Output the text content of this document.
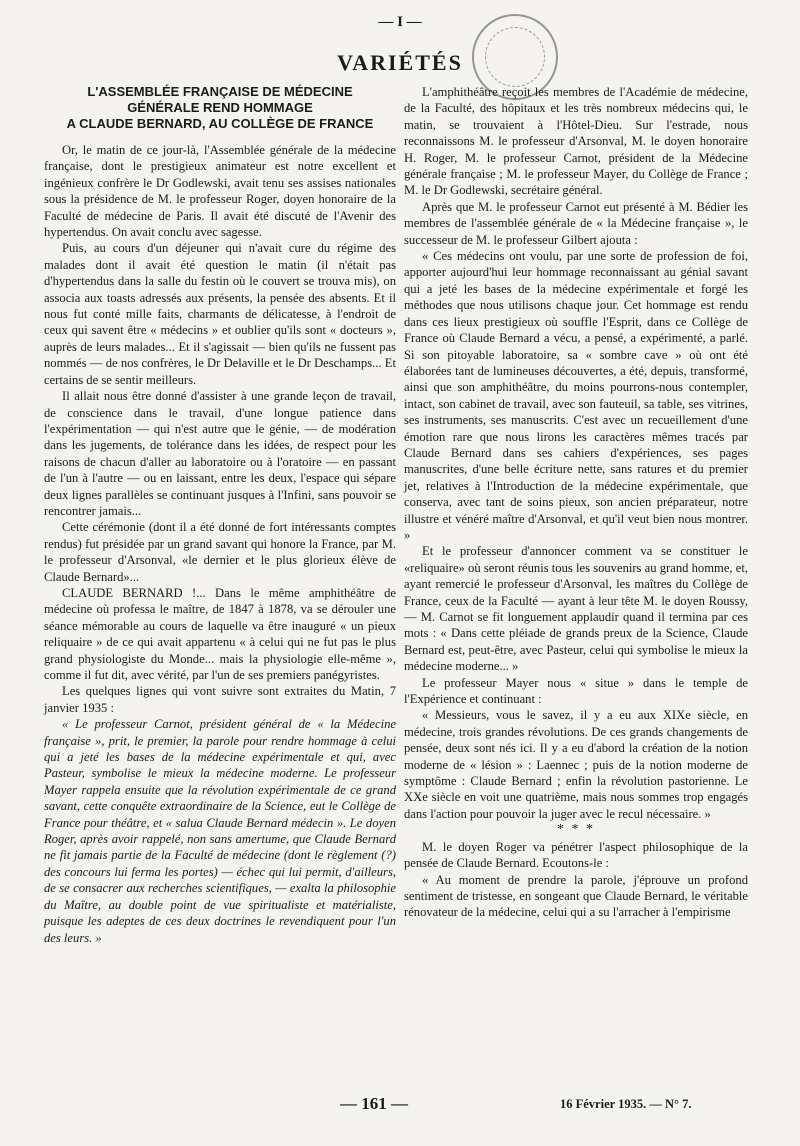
— I —
VARIÉTÉS
L'ASSEMBLÉE FRANÇAISE DE MÉDECINE
GÉNÉRALE REND HOMMAGE
A CLAUDE BERNARD, AU COLLÈGE DE FRANCE

Or, le matin de ce jour-là, l'Assemblée générale de la médecine française, dont le prestigieux animateur est notre excellent et ingénieux confrère le Dr Godlewski, avait tenu ses assises nationales sous la présidence de M. le professeur Roger, doyen honoraire de la Faculté de médecine de Paris. Il avait été discuté de l'Avenir des hypertendus. On avait conclu avec sagesse.

Puis, au cours d'un déjeuner qui n'avait cure du régime des malades dont il avait été question le matin (il n'était pas d'hypertendus dans la salle du festin où le couvert se trouva mis), on associa aux toasts adressés aux présents, la pensée des absents. Et il nous fut conté mille faits, charmants de délicatesse, à l'endroit de ceux qui savent être « médecins » et oublier qu'ils sont « docteurs », auprès de leurs malades... Et il s'agissait — bien qu'ils ne fussent pas nommés — de nos confrères, le Dr Delaville et le Dr Deschamps... Et certains de se sentir meilleurs.

Il allait nous être donné d'assister à une grande leçon de travail, de conscience dans le travail, d'une longue patience dans l'expérimentation — qui n'est autre que le génie, — de modération dans les jugements, de tolérance dans les idées, de respect pour les raisons de chacun d'aller au laboratoire ou à l'oratoire — en passant de l'un à l'autre — ou en laissant, entre les deux, l'espace qui sépare deux lignes parallèles se continuant jusques à l'Infini, sans pouvoir se rencontrer jamais...

Cette cérémonie (dont il a été donné de fort intéressants comptes rendus) fut présidée par un grand savant qui honore la France, par M. le professeur d'Arsonval, «le dernier et le plus glorieux élève de Claude Bernard»...

CLAUDE BERNARD !... Dans le même amphithéâtre de médecine où professa le maître, de 1847 à 1878, va se dérouler une séance mémorable au cours de laquelle va être inauguré « un pieux reliquaire » de ce qui avait appartenu « à celui qui ne fut pas le plus grand physiologiste du Monde... mais la physiologie elle-même », comme il fut dit, avec vérité, par l'un de ses premiers panégyristes.

Les quelques lignes qui vont suivre sont extraites du Matin, 7 janvier 1935 :

« Le professeur Carnot, président général de « la Médecine française », prit, le premier, la parole pour rendre hommage à celui qui a jeté les bases de la médecine expérimentale et qui, avec Pasteur, symbolise le mieux la médecine moderne. Le professeur Mayer rappela ensuite que la révolution expérimentale de ce grand savant, cette conquête extraordinaire de la Science, eut le Collège de France pour théâtre, et « salua Claude Bernard médecin ». Le doyen Roger, après avoir rappelé, non sans amertume, que Claude Bernard ne fit jamais partie de la Faculté de médecine (dont le règlement (?) des concours lui ferma les portes) — échec qui lui permit, d'ailleurs, de se consacrer aux recherches scientifiques, — exalta la philosophie du Maître, au double point de vue spiritualiste et matérialiste, puisque les adeptes de ces deux doctrines le revendiquent pour l'un des leurs. »

L'amphithéâtre reçoit les membres de l'Académie de médecine, de la Faculté, des hôpitaux et les très nombreux médecins qui, le matin, se trouvaient à l'Hôtel-Dieu. Sur l'estrade, nous reconnaissons M. le professeur d'Arsonval, M. le doyen honoraire H. Roger, M. le professeur Carnot, président de la Médecine générale française ; M. le professeur Mayer, du Collège de France ; M. le Dr Godlewski, secrétaire général.

Après que M. le professeur Carnot eut présenté à M. Bédier les membres de l'assemblée générale de « la Médecine française », le successeur de M. le professeur Gilbert ajouta :

« Ces médecins ont voulu, par une sorte de profession de foi, apporter aujourd'hui leur hommage reconnaissant au génial savant qui a jeté les bases de la médecine expérimentale et forgé les méthodes que nous utilisons chaque jour. Cet hommage est rendu dans ces lieux prestigieux où souffle l'Esprit, dans ce Collège de France où Claude Bernard a vécu, a pensé, a expérimenté, a parlé. Si son pitoyable laboratoire, sa « sombre cave » où ont été élaborées tant de lumineuses découvertes, a été, depuis, transformé, ainsi que son amphithéâtre, du moins pourrons-nous contempler, intact, son cabinet de travail, avec son fauteuil, sa table, ses vitrines, ses instruments, ses manuscrits. C'est avec un recueillement d'une émotion rare que nous lirons les caractères mêmes tracés par Claude Bernard dans ses cahiers d'expériences, ses pages manuscrites, d'une belle écriture nette, sans ratures et du premier jet, relatives à l'Introduction de la médecine expérimentale, que conserva, avec tant de soins pieux, son ancien préparateur, notre illustre et vénéré maître d'Arsonval, et qu'il veut bien nous montrer. »

Et le professeur d'annoncer comment va se constituer le «reliquaire» où seront réunis tous les souvenirs au grand homme, et, ayant remercié le professeur d'Arsonval, les maîtres du Collège de France, ceux de la Faculté — ayant à leur tête M. le doyen Roussy, — M. Carnot se fit longuement applaudir quand il termina par ces mots : « Dans cette pléiade de grands preux de la Science, Claude Bernard est, peut-être, avec Pasteur, celui qui symbolise le mieux la médecine moderne... »

Le professeur Mayer nous « situe » dans le temple de l'Expérience et continuant :

« Messieurs, vous le savez, il y a eu aux XIXe siècle, en médecine, trois grandes révolutions. De ces grands changements de pensée, deux sont nés ici. Il y a eu d'abord la création de la notion moderne de « lésion » : Laennec ; puis de la notion moderne de symptôme : Claude Bernard ; enfin la révolution pastorienne. Le XXe siècle en voit une quatrième, mais nous sommes trop engagés dans l'action pour pouvoir la juger avec le recul nécessaire. »

* * *

M. le doyen Roger va pénétrer l'aspect philosophique de la pensée de Claude Bernard. Ecoutons-le :

« Au moment de prendre la parole, j'éprouve un profond sentiment de tristesse, en songeant que Claude Bernard, le véritable rénovateur de la médecine, celui qui a su l'arracher à l'empirisme

— 161 —	16 Février 1935. — N° 7.
